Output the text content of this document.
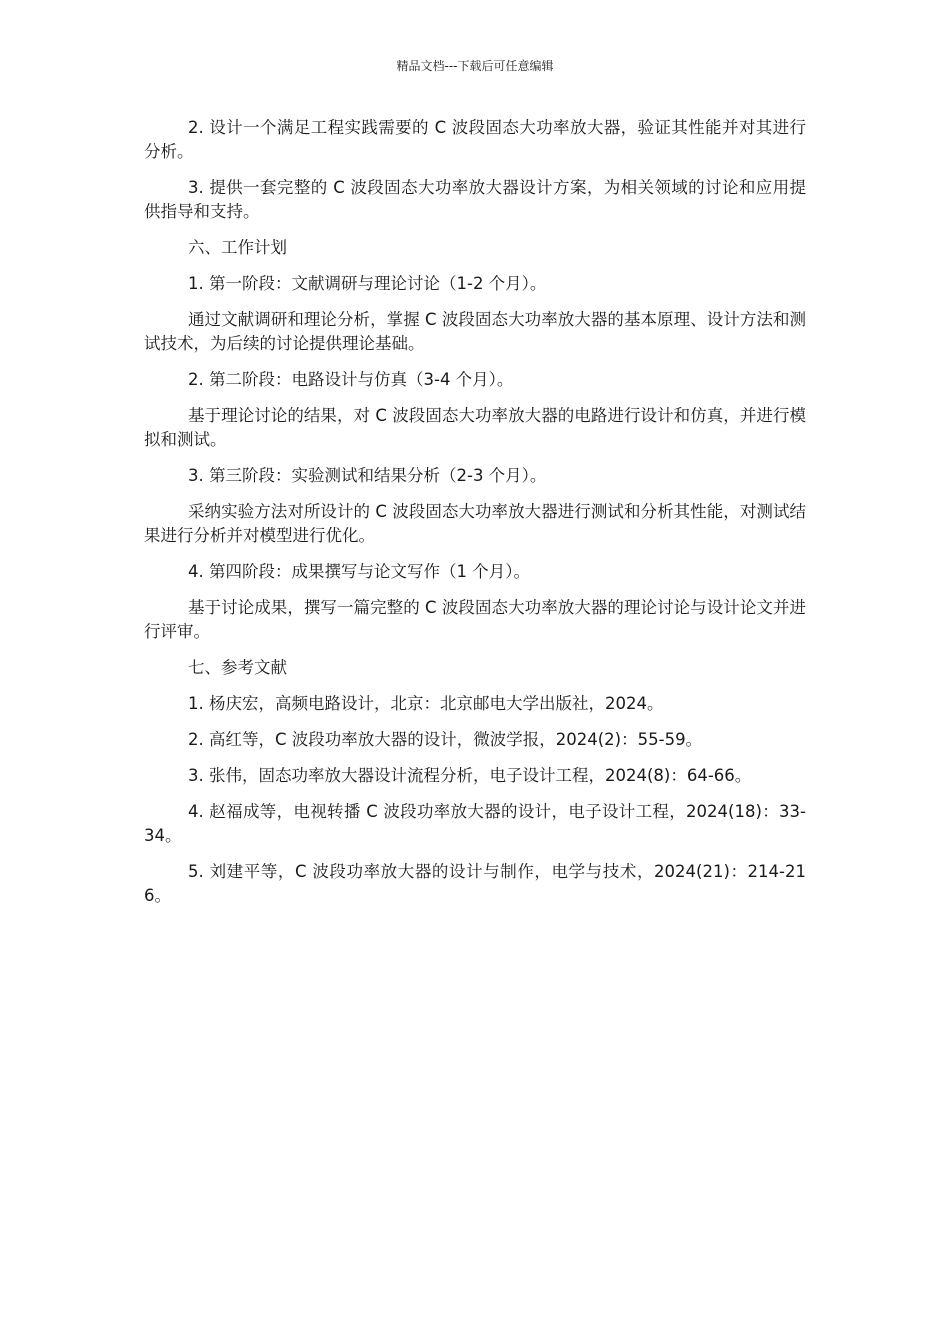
精品文档---下载后可任意编辑

2. 设计一个满足工程实践需要的 C 波段固态大功率放大器，验证其性能并对其进行分析。

3. 提供一套完整的 C 波段固态大功率放大器设计方案，为相关领域的讨论和应用提供指导和支持。

六、工作计划

1. 第一阶段：文献调研与理论讨论（1-2 个月）。

通过文献调研和理论分析，掌握 C 波段固态大功率放大器的基本原理、设计方法和测试技术，为后续的讨论提供理论基础。

2. 第二阶段：电路设计与仿真（3-4 个月）。

基于理论讨论的结果，对 C 波段固态大功率放大器的电路进行设计和仿真，并进行模拟和测试。

3. 第三阶段：实验测试和结果分析（2-3 个月）。

采纳实验方法对所设计的 C 波段固态大功率放大器进行测试和分析其性能，对测试结果进行分析并对模型进行优化。

4. 第四阶段：成果撰写与论文写作（1 个月）。

基于讨论成果，撰写一篇完整的 C 波段固态大功率放大器的理论讨论与设计论文并进行评审。

七、参考文献

1. 杨庆宏，高频电路设计，北京：北京邮电大学出版社，2024。

2. 高红等，C 波段功率放大器的设计，微波学报，2024(2)：55-59。

3. 张伟，固态功率放大器设计流程分析，电子设计工程，2024(8)：64-66。

4. 赵福成等，电视转播 C 波段功率放大器的设计，电子设计工程，2024(18)：33-34。

5. 刘建平等，C 波段功率放大器的设计与制作，电学与技术，2024(21)：214-216。
